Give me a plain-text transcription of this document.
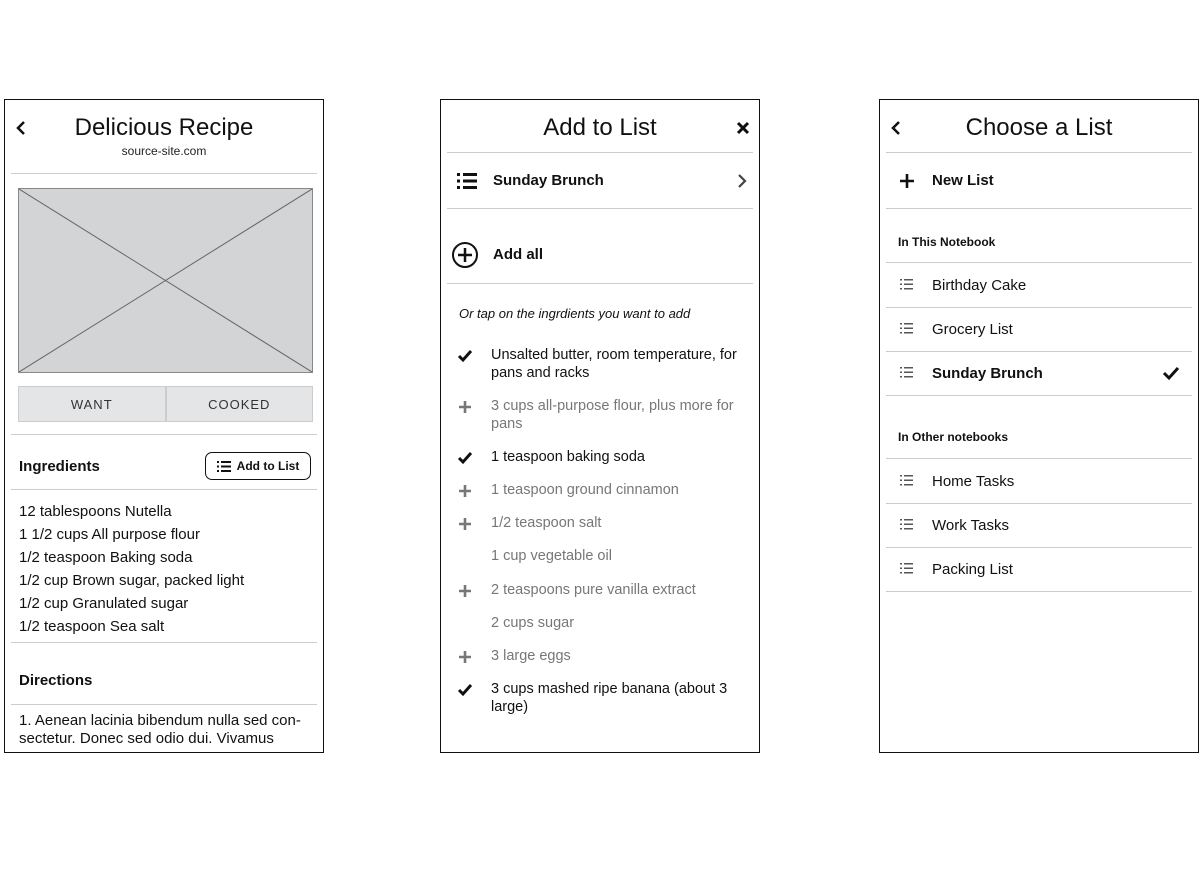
Delicious Recipe
source-site.com
WANT	COOKED
Ingredients	Add to List
12 tablespoons Nutella
1 1/2 cups All purpose flour
1/2 teaspoon Baking soda
1/2 cup Brown sugar, packed light
1/2 cup Granulated sugar
1/2 teaspoon Sea salt
Directions
1. Aenean lacinia bibendum nulla sed con-sectetur. Donec sed odio dui. Vivamus
Add to List
Sunday Brunch
Add all
Or tap on the ingrdients you want to add
Unsalted butter, room temperature, for pans and racks
3 cups all-purpose flour, plus more for pans
1 teaspoon baking soda
1 teaspoon ground cinnamon
1/2 teaspoon salt
1 cup vegetable oil
2 teaspoons pure vanilla extract
2 cups sugar
3 large eggs
3 cups mashed ripe banana (about 3 large)
Choose a List
New List
In This Notebook
Birthday Cake
Grocery List
Sunday Brunch
In Other notebooks
Home Tasks
Work Tasks
Packing List
